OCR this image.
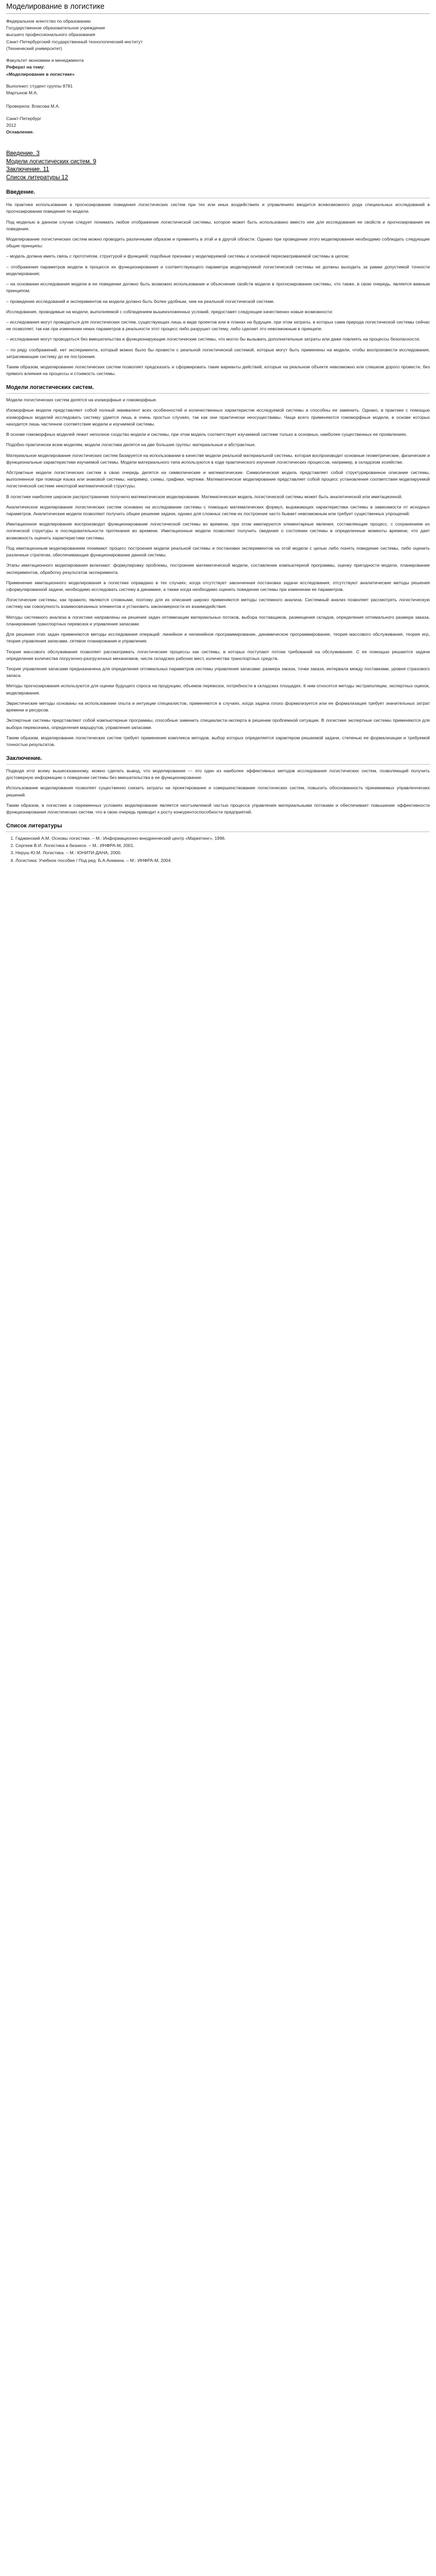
Моделирование в логистике

Федеральное агентство по образованию

Государственное образовательное учреждение

высшего профессионального образования

Санкт-Петербургский государственный технологический институт

(Технический университет)

Факультет экономики и менеджмента

Реферат на тему:

«Моделирование в логистике»

Выполнил: студент группы 8781

Мартынов М.А.

Проверила: Власова М.А.

Санкт-Петербург

2012

Оглавление.

Введение. 3
Модели логистических систем. 9
Заключение. 11
Список литературы 12
Введение.

На практике использование в прогнозировании поведения логистических систем при тех или иных воздействиях и управлениях вводится всевозможного рода специальных исследований в прогнозировании поведения по модели.

Под моделью в данном случае следует понимать любое отображение логистической системы, которое может быть использовано вместо нее для исследования ее свойств и прогнозирования ее поведения.

Моделирование логистических систем можно проводить различными образом и применять в этой и в другой области. Однако при проведении этого моделирования необходимо соблюдать следующие общие принципы:

– модель должна иметь связь с прототипом, структурой и функцией; подобные признаки у моделируемой системы и основной пересматриваемой системы в целом;

– отображения параметров модели в процессе их функционирования и соответствующего параметра моделируемой логистической системы не должны выходить за рамки допустимой точности моделирования;

– на основании исследования модели в ее поведении должно быть возможно использование и объяснение свойств модели в прогнозировании системы, что также, в свою очередь, является важным принципом;

– проведение исследований и экспериментов на модели должно быть более удобным, чем на реальной логистической системе.

Исследования, проводимые на модели, выполняемой с соблюдением вышеизложенных условий, предоставят следующие качественно новые возможности:

– исследования могут проводиться для логистических систем, существующих лишь в виде проектов или в планах на будущее, при этом затраты, в которых сама природа логистической системы сейчас не позволяет, так как при изменении неких параметров в реальности этот процесс либо разрушит систему, либо сделает это невозможным в принципе.

– исследования могут проводиться без вмешательства в функционирующие логистические системы, что могло бы вызывать дополнительные затраты или даже повлиять на процессы безопасности;

– по ряду соображений, нет эксперимента, который можно было бы провести с реальной логистической системой, которые могут быть применены на модели, чтобы воспроизвести исследования, затрагивающие систему до ее построения.

Таким образом, моделирование логистических систем позволяет предсказать и сформировать такие варианты действий, которые на реальном объекте невозможно или слишком дорого провести, без прямого влияния на процессы и стоимость системы.

Модели логистических систем.

Модели логистических систем делятся на изоморфные и гомоморфные.

Изоморфные модели представляют собой полный эквивалент всех особенностей и количественных характеристик исследуемой системы и способны ее заменить. Однако, в практике с помощью изоморфных моделей исследовать систему удается лишь в очень простых случаях, так как они практически неосуществимы. Чаще всего применяются гомоморфные модели, в основе которых находится лишь частичное соответствие модели и изучаемой системы.

В основе гомоморфных моделей лежит неполное сходство модели и системы, при этом модель соответствует изучаемой системе только в основных, наиболее существенных ее проявлениях.

Подобно практически всем моделям, модели логистики делятся на две большие группы: материальные и абстрактные.

Материальное моделирование логистических систем базируется на использовании в качестве модели реальной материальной системы, которая воспроизводит основные геометрические, физические и функциональные характеристики изучаемой системы. Модели материального типа используются в ходе практического изучения логистических процессов, например, в складском хозяйстве.

Абстрактные модели логистических систем в свою очередь делятся на символические и математические. Символическая модель представляет собой структурированное описание системы, выполненное при помощи языка или знаковой системы, например, схемы, графики, чертежи. Математическое моделирование представляет собой процесс установления соответствия моделируемой логистической системе некоторой математической структуры.

В логистике наиболее широкое распространение получило математическое моделирование. Математическая модель логистической системы может быть аналитической или имитационной.

Аналитическое моделирование логистических систем основано на исследовании системы с помощью математических формул, выражающих характеристики системы в зависимости от исходных параметров. Аналитические модели позволяют получить общее решение задачи, однако для сложных систем их построение часто бывает невозможным или требует существенных упрощений.

Имитационное моделирование воспроизводит функционирование логистической системы во времени, при этом имитируются элементарные явления, составляющие процесс, с сохранением их логической структуры и последовательности протекания во времени. Имитационные модели позволяют получить сведения о состоянии системы в определенные моменты времени, что дает возможность оценить характеристики системы.

Под имитационным моделированием понимают процесс построения модели реальной системы и постановки экспериментов на этой модели с целью либо понять поведение системы, либо оценить различные стратегии, обеспечивающие функционирование данной системы.

Этапы имитационного моделирования включают: формулировку проблемы, построение математической модели, составление компьютерной программы, оценку пригодности модели, планирование экспериментов, обработку результатов эксперимента.

Применение имитационного моделирования в логистике оправдано в тех случаях, когда отсутствует законченная постановка задачи исследования, отсутствуют аналитические методы решения сформулированной задачи, необходимо исследовать систему в динамике, а также когда необходимо оценить поведение системы при изменении ее параметров.

Логистические системы, как правило, являются сложными, поэтому для их описания широко применяются методы системного анализа. Системный анализ позволяет рассмотреть логистическую систему как совокупность взаимосвязанных элементов и установить закономерности их взаимодействия.

Методы системного анализа в логистике направлены на решение задач оптимизации материальных потоков, выбора поставщиков, размещения складов, определения оптимального размера заказа, планирования транспортных перевозок и управления запасами.

Для решения этих задач применяются методы исследования операций: линейное и нелинейное программирование, динамическое программирование, теория массового обслуживания, теория игр, теория управления запасами, сетевое планирование и управление.

Теория массового обслуживания позволяет рассматривать логистические процессы как системы, в которых поступают потоки требований на обслуживание. С ее помощью решаются задачи определения количества погрузочно-разгрузочных механизмов, числа складских рабочих мест, количества транспортных средств.

Теория управления запасами предназначена для определения оптимальных параметров системы управления запасами: размера заказа, точки заказа, интервала между поставками, уровня страхового запаса.

Методы прогнозирования используются для оценки будущего спроса на продукцию, объемов перевозок, потребности в складских площадях. К ним относятся методы экстраполяции, экспертных оценок, моделирования.

Эвристические методы основаны на использовании опыта и интуиции специалистов, применяются в случаях, когда задача плохо формализуется или ее формализация требует значительных затрат времени и ресурсов.

Экспертные системы представляют собой компьютерные программы, способные заменить специалиста-эксперта в решении проблемной ситуации. В логистике экспертные системы применяются для выбора перевозчика, определения маршрутов, управления запасами.

Таким образом, моделирование логистических систем требует применения комплекса методов, выбор которых определяется характером решаемой задачи, степенью ее формализации и требуемой точностью результатов.

Заключение.

Подводя итог всему вышесказанному, можно сделать вывод, что моделирование — это один из наиболее эффективных методов исследования логистических систем, позволяющий получить достоверную информацию о поведении системы без вмешательства в ее функционирование.

Использование моделирования позволяет существенно снизить затраты на проектирование и совершенствование логистических систем, повысить обоснованность принимаемых управленческих решений.

Таким образом, в логистике в современных условиях моделирование является неотъемлемой частью процесса управления материальными потоками и обеспечивает повышение эффективности функционирования логистических систем, что в свою очередь приводит к росту конкурентоспособности предприятий.

Список литературы
1. Гаджинский А.М. Основы логистики. – М.: Информационно-внедренческий центр «Маркетинг», 1996.
2. Сергеев В.И. Логистика в бизнесе. – М.: ИНФРА-М, 2001.
3. Неруш Ю.М. Логистика. – М.: ЮНИТИ-ДАНА, 2000.
4. Логистика: Учебное пособие / Под ред. Б.А.Аникина. – М.: ИНФРА-М, 2004.
